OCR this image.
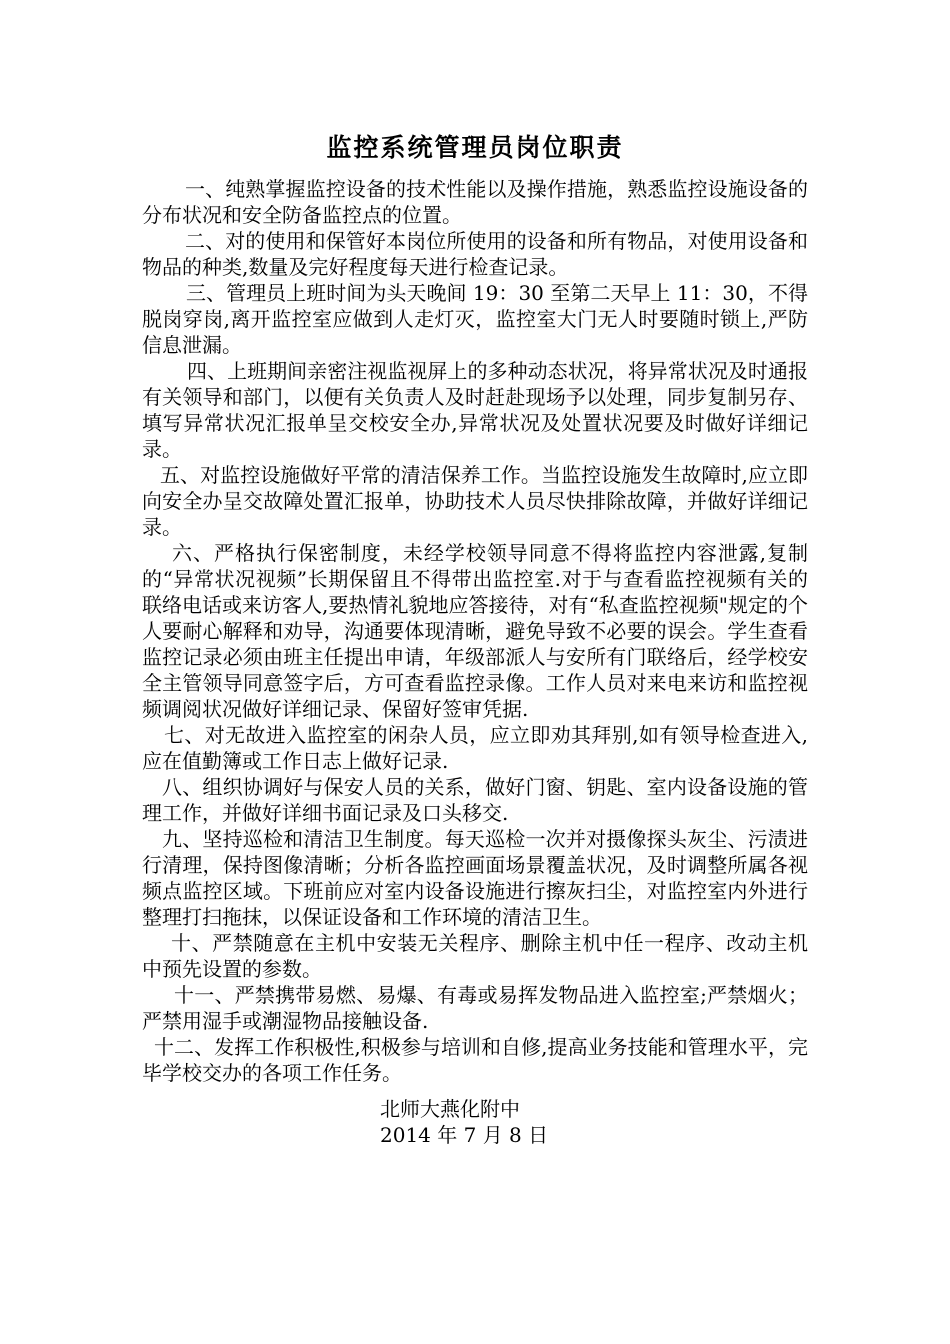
监控系统管理员岗位职责

一、纯熟掌握监控设备的技术性能以及操作措施，熟悉监控设施设备的分布状况和安全防备监控点的位置。

二、对的使用和保管好本岗位所使用的设备和所有物品，对使用设备和物品的种类,数量及完好程度每天进行检查记录。

三、管理员上班时间为头天晚间 19：30 至第二天早上 11：30，不得脱岗穿岗,离开监控室应做到人走灯灭，监控室大门无人时要随时锁上,严防信息泄漏。

四、上班期间亲密注视监视屏上的多种动态状况，将异常状况及时通报有关领导和部门，以便有关负责人及时赶赴现场予以处理，同步复制另存、填写异常状况汇报单呈交校安全办,异常状况及处置状况要及时做好详细记录。

五、对监控设施做好平常的清洁保养工作。当监控设施发生故障时,应立即向安全办呈交故障处置汇报单，协助技术人员尽快排除故障，并做好详细记录。

六、严格执行保密制度，未经学校领导同意不得将监控内容泄露,复制的“异常状况视频”长期保留且不得带出监控室.对于与查看监控视频有关的联络电话或来访客人,要热情礼貌地应答接待，对有“私查监控视频"规定的个人要耐心解释和劝导，沟通要体现清晰，避免导致不必要的误会。学生查看监控记录必须由班主任提出申请，年级部派人与安所有门联络后，经学校安全主管领导同意签字后，方可查看监控录像。工作人员对来电来访和监控视频调阅状况做好详细记录、保留好签审凭据.

七、对无故进入监控室的闲杂人员，应立即劝其拜别,如有领导检查进入,应在值勤簿或工作日志上做好记录.

八、组织协调好与保安人员的关系，做好门窗、钥匙、室内设备设施的管理工作，并做好详细书面记录及口头移交.

九、坚持巡检和清洁卫生制度。每天巡检一次并对摄像探头灰尘、污渍进行清理，保持图像清晰；分析各监控画面场景覆盖状况，及时调整所属各视频点监控区域。下班前应对室内设备设施进行擦灰扫尘，对监控室内外进行整理打扫拖抹，以保证设备和工作环境的清洁卫生。

十、严禁随意在主机中安装无关程序、删除主机中任一程序、改动主机中预先设置的参数。

十一、严禁携带易燃、易爆、有毒或易挥发物品进入监控室;严禁烟火；严禁用湿手或潮湿物品接触设备.

十二、发挥工作积极性,积极参与培训和自修,提高业务技能和管理水平，完毕学校交办的各项工作任务。

北师大燕化附中
2014 年 7 月 8 日
